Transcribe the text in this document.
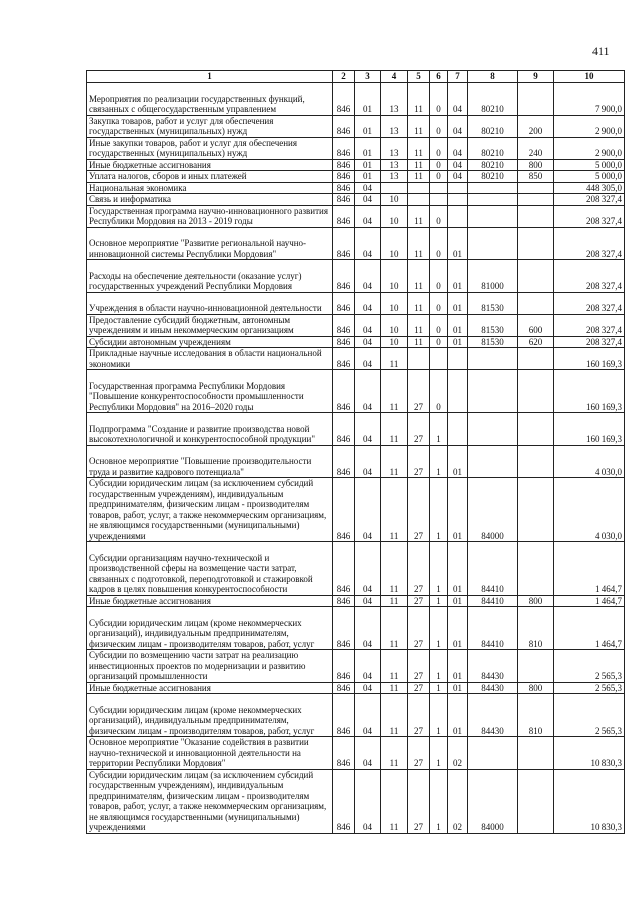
411
1	2	3	4	5	6	7	8	9	10
Мероприятия по реализации государственных функций, связанных с общегосударственным управлением	846	01	13	11	0	04	80210		7 900,0
Закупка товаров, работ и услуг для обеспечения государственных (муниципальных) нужд	846	01	13	11	0	04	80210	200	2 900,0
Иные закупки товаров, работ и услуг для обеспечения государственных (муниципальных) нужд	846	01	13	11	0	04	80210	240	2 900,0
Иные бюджетные ассигнования	846	01	13	11	0	04	80210	800	5 000,0
Уплата налогов, сборов и иных платежей	846	01	13	11	0	04	80210	850	5 000,0
Национальная экономика	846	04							448 305,0
Связь и информатика	846	04	10						208 327,4
Государственная программа научно-инновационного развития Республики Мордовия на 2013 - 2019 годы	846	04	10	11	0				208 327,4
Основное мероприятие "Развитие региональной научно-инновационной системы Республики Мордовия"	846	04	10	11	0	01			208 327,4
Расходы на обеспечение деятельности (оказание услуг) государственных учреждений Республики Мордовия	846	04	10	11	0	01	81000		208 327,4
Учреждения в области научно-инновационной деятельности	846	04	10	11	0	01	81530		208 327,4
Предоставление субсидий бюджетным, автономным учреждениям и иным некоммерческим организациям	846	04	10	11	0	01	81530	600	208 327,4
Субсидии автономным учреждениям	846	04	10	11	0	01	81530	620	208 327,4
Прикладные научные исследования в области национальной экономики	846	04	11						160 169,3
Государственная программа Республики Мордовия "Повышение конкурентоспособности промышленности Республики Мордовия" на 2016–2020 годы	846	04	11	27	0				160 169,3
Подпрограмма "Создание и развитие производства новой высокотехнологичной и конкурентоспособной продукции"	846	04	11	27	1				160 169,3
Основное мероприятие "Повышение производительности труда и развитие кадрового потенциала"	846	04	11	27	1	01			4 030,0
Субсидии юридическим лицам (за исключением субсидий государственным учреждениям), индивидуальным предпринимателям, физическим лицам - производителям товаров, работ, услуг, а также некоммерческим организациям, не являющимся государственными (муниципальными) учреждениями	846	04	11	27	1	01	84000		4 030,0
Субсидии организациям научно-технической и производственной сферы на возмещение части затрат, связанных с подготовкой, переподготовкой и стажировкой кадров в целях повышения конкурентоспособности	846	04	11	27	1	01	84410		1 464,7
Иные бюджетные ассигнования	846	04	11	27	1	01	84410	800	1 464,7
Субсидии юридическим лицам (кроме некоммерческих организаций), индивидуальным предпринимателям, физическим лицам - производителям товаров, работ, услуг	846	04	11	27	1	01	84410	810	1 464,7
Субсидии по возмещению части затрат на реализацию инвестиционных проектов по модернизации и развитию организаций промышленности	846	04	11	27	1	01	84430		2 565,3
Иные бюджетные ассигнования	846	04	11	27	1	01	84430	800	2 565,3
Субсидии юридическим лицам (кроме некоммерческих организаций), индивидуальным предпринимателям, физическим лицам - производителям товаров, работ, услуг	846	04	11	27	1	01	84430	810	2 565,3
Основное мероприятие "Оказание содействия в развитии научно-технической и инновационной деятельности на территории Республики Мордовия"	846	04	11	27	1	02			10 830,3
Субсидии юридическим лицам (за исключением субсидий государственным учреждениям), индивидуальным предпринимателям, физическим лицам - производителям товаров, работ, услуг, а также некоммерческим организациям, не являющимся государственными (муниципальными) учреждениями	846	04	11	27	1	02	84000		10 830,3
